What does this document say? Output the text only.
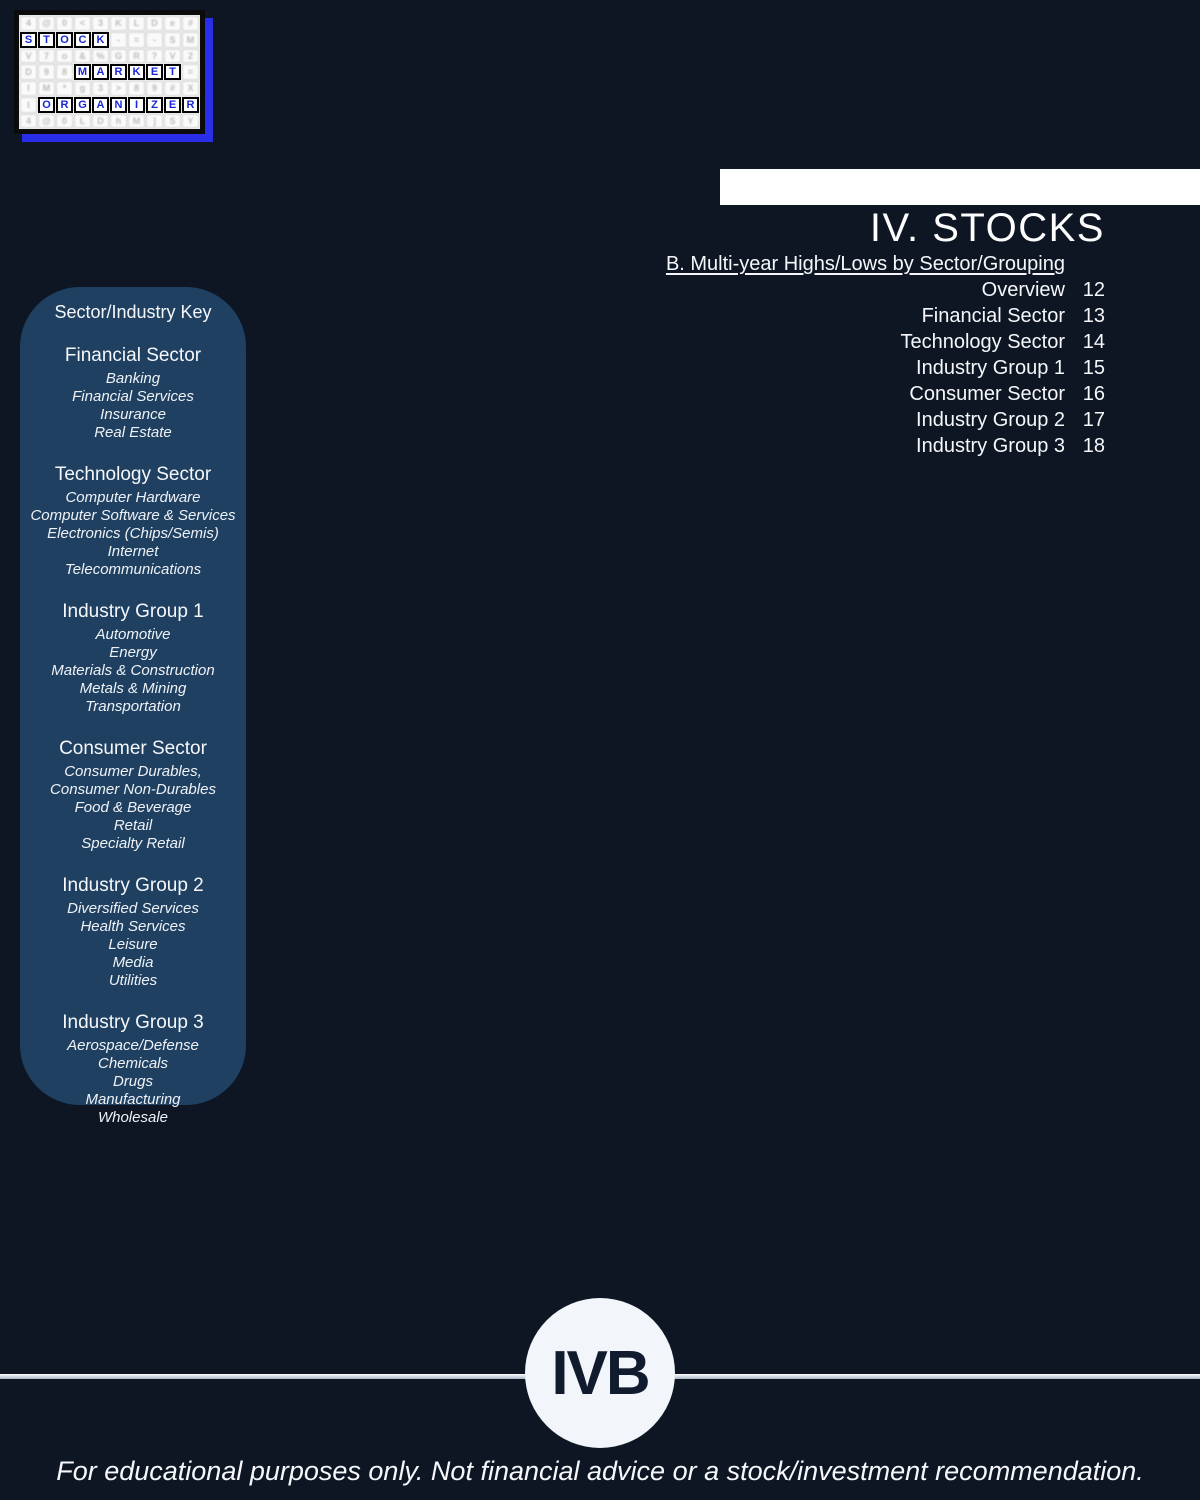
4	@	0	<	3	K	L	D	e	#
S T O C K	-	=	-	S	M
V	7	o	&	%	G	R	?	V	2
D	9	8 M A R K E T	=
I	M	*	g	3	>	8	9	#	X
I	O R G A N	I	Z E R
4	@	0	L	D	h	M	]	S	Y
IV. STOCKS
B. Multi-year Highs/Lows by Sector/Grouping
Overview 12
Financial Sector 13
Technology Sector 14
Industry Group 1 15
Consumer Sector 16
Industry Group 2 17
Industry Group 3 18
Sector/Industry Key
Financial Sector
Banking
Financial Services
Insurance
Real Estate
Technology Sector
Computer Hardware
Computer Software & Services
Electronics (Chips/Semis)
Internet
Telecommunications
Industry Group 1
Automotive
Energy
Materials & Construction
Metals & Mining
Transportation
Consumer Sector
Consumer Durables,
Consumer Non-Durables
Food & Beverage
Retail
Specialty Retail
Industry Group 2
Diversified Services
Health Services
Leisure
Media
Utilities
Industry Group 3
Aerospace/Defense
Chemicals
Drugs
Manufacturing
Wholesale
IVB
For educational purposes only. Not financial advice or a stock/investment recommendation.
